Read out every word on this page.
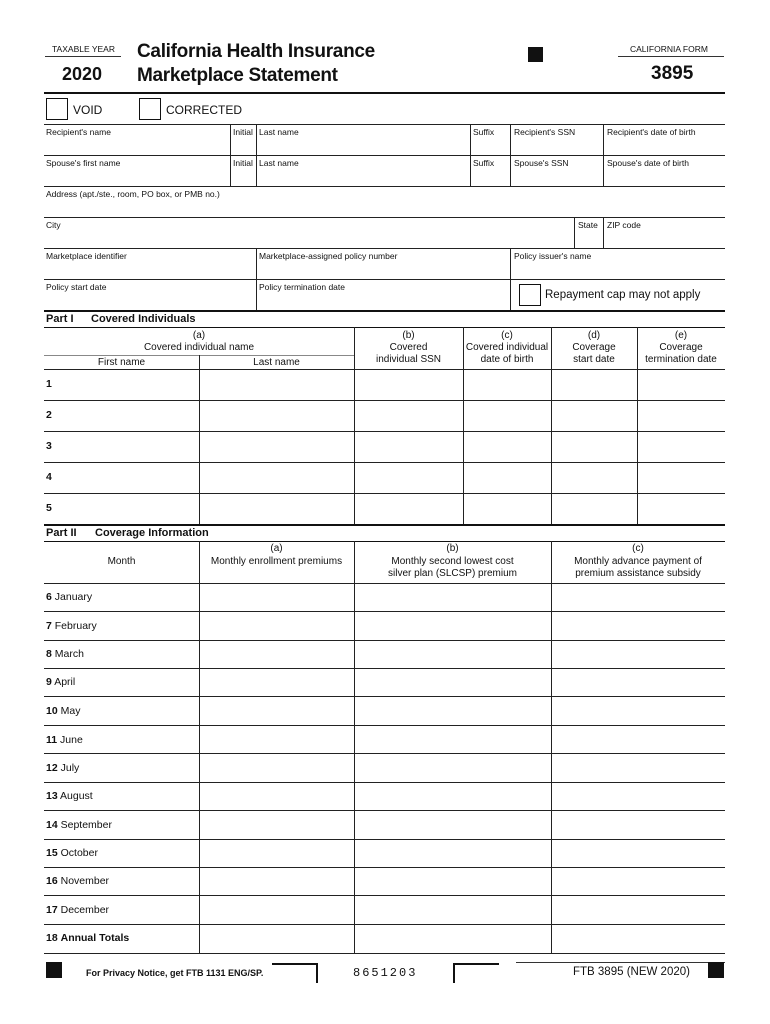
TAXABLE YEAR
2020
California Health Insurance
Marketplace Statement
CALIFORNIA FORM
3895
VOID	CORRECTED
Recipient's name	Initial Last name	Suffix Recipient's SSN	Recipient's date of birth
Spouse's first name	Initial Last name	Suffix Spouse's SSN	Spouse's date of birth
Address (apt./ste., room, PO box, or PMB no.)
City	State ZIP code
Marketplace identifier	Marketplace-assigned policy number	Policy issuer's name
Policy start date	Policy termination date
Repayment cap may not apply
Part I Covered Individuals
(a)
Covered individual name
First name	Last name
(b)
Covered
individual SSN
(c)
Covered individual
date of birth
(d)
Coverage
start date
(e)
Coverage
termination date
1
2
3
4
5
Part II Coverage Information
Month
(a)
Monthly enrollment premiums
(b)
Monthly second lowest cost
silver plan (SLCSP) premium
(c)
Monthly advance payment of
premium assistance subsidy
6 January
7 February
8 March
9 April
10 May
11 June
12 July
13 August
14 September
15 October
16 November
17 December
18 Annual Totals
For Privacy Notice, get FTB 1131 ENG/SP.	8651203	FTB 3895 (NEW 2020)
